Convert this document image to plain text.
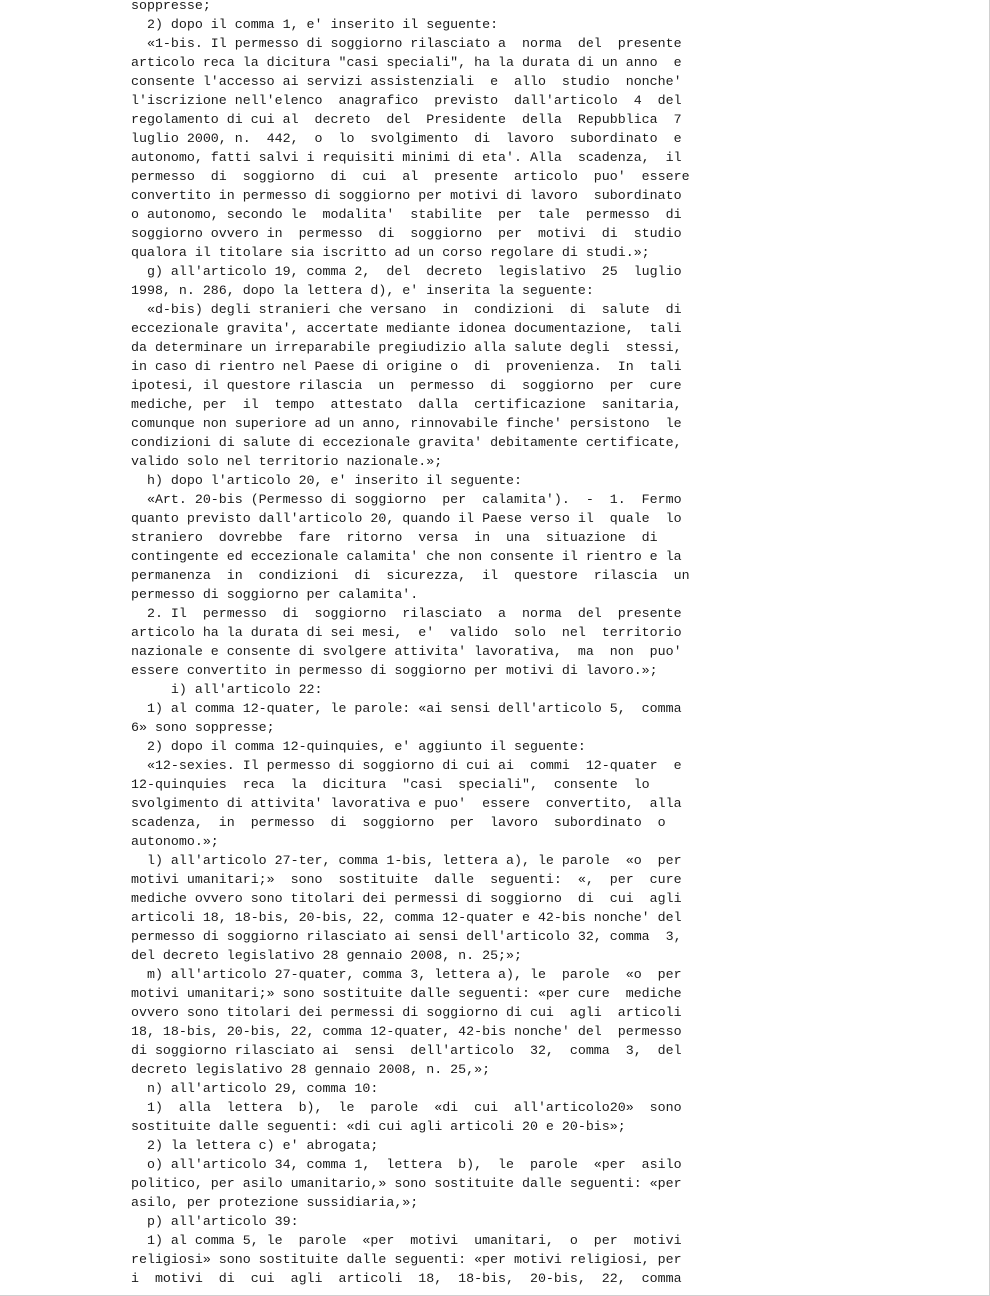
soppresse;
2) dopo il comma 1, e' inserito il seguente:
«1-bis. Il permesso di soggiorno rilasciato a  norma  del  presente
articolo reca la dicitura "casi speciali", ha la durata di un anno  e
consente l'accesso ai servizi assistenziali  e  allo  studio  nonche'
l'iscrizione nell'elenco  anagrafico  previsto  dall'articolo  4  del
regolamento di cui al  decreto  del  Presidente  della  Repubblica  7
luglio 2000, n.  442,  o  lo  svolgimento  di  lavoro  subordinato  e
autonomo, fatti salvi i requisiti minimi di eta'. Alla  scadenza,  il
permesso  di  soggiorno  di  cui  al  presente  articolo  puo'  essere
convertito in permesso di soggiorno per motivi di lavoro  subordinato
o autonomo, secondo le  modalita'  stabilite  per  tale  permesso  di
soggiorno ovvero in  permesso  di  soggiorno  per  motivi  di  studio
qualora il titolare sia iscritto ad un corso regolare di studi.»;
g) all'articolo 19, comma 2,  del  decreto  legislativo  25  luglio
1998, n. 286, dopo la lettera d), e' inserita la seguente:
«d-bis) degli stranieri che versano  in  condizioni  di  salute  di
eccezionale gravita', accertate mediante idonea documentazione,  tali
da determinare un irreparabile pregiudizio alla salute degli  stessi,
in caso di rientro nel Paese di origine o  di  provenienza.  In  tali
ipotesi, il questore rilascia  un  permesso  di  soggiorno  per  cure
mediche, per  il  tempo  attestato  dalla  certificazione  sanitaria,
comunque non superiore ad un anno, rinnovabile finche' persistono  le
condizioni di salute di eccezionale gravita' debitamente certificate,
valido solo nel territorio nazionale.»;
h) dopo l'articolo 20, e' inserito il seguente:
«Art. 20-bis (Permesso di soggiorno  per  calamita').  -  1.  Fermo
quanto previsto dall'articolo 20, quando il Paese verso il  quale  lo
straniero  dovrebbe  fare  ritorno  versa  in  una  situazione  di
contingente ed eccezionale calamita' che non consente il rientro e la
permanenza  in  condizioni  di  sicurezza,  il  questore  rilascia  un
permesso di soggiorno per calamita'.
2. Il  permesso  di  soggiorno  rilasciato  a  norma  del  presente
articolo ha la durata di sei mesi,  e'  valido  solo  nel  territorio
nazionale e consente di svolgere attivita' lavorativa,  ma  non  puo'
essere convertito in permesso di soggiorno per motivi di lavoro.»;
i) all'articolo 22:
1) al comma 12-quater, le parole: «ai sensi dell'articolo 5,  comma
6» sono soppresse;
2) dopo il comma 12-quinquies, e' aggiunto il seguente:
«12-sexies. Il permesso di soggiorno di cui ai  commi  12-quater  e
12-quinquies  reca  la  dicitura  "casi  speciali",  consente  lo
svolgimento di attivita' lavorativa e puo'  essere  convertito,  alla
scadenza,  in  permesso  di  soggiorno  per  lavoro  subordinato  o
autonomo.»;
l) all'articolo 27-ter, comma 1-bis, lettera a), le parole  «o  per
motivi umanitari;»  sono  sostituite  dalle  seguenti:  «,  per  cure
mediche ovvero sono titolari dei permessi di soggiorno  di  cui  agli
articoli 18, 18-bis, 20-bis, 22, comma 12-quater e 42-bis nonche' del
permesso di soggiorno rilasciato ai sensi dell'articolo 32, comma  3,
del decreto legislativo 28 gennaio 2008, n. 25;»;
m) all'articolo 27-quater, comma 3, lettera a), le  parole  «o  per
motivi umanitari;» sono sostituite dalle seguenti: «per cure  mediche
ovvero sono titolari dei permessi di soggiorno di cui  agli  articoli
18, 18-bis, 20-bis, 22, comma 12-quater, 42-bis nonche' del  permesso
di soggiorno rilasciato ai  sensi  dell'articolo  32,  comma  3,  del
decreto legislativo 28 gennaio 2008, n. 25,»;
n) all'articolo 29, comma 10:
1)  alla  lettera  b),  le  parole  «di  cui  all'articolo20»  sono
sostituite dalle seguenti: «di cui agli articoli 20 e 20-bis»;
2) la lettera c) e' abrogata;
o) all'articolo 34, comma 1,  lettera  b),  le  parole  «per  asilo
politico, per asilo umanitario,» sono sostituite dalle seguenti: «per
asilo, per protezione sussidiaria,»;
p) all'articolo 39:
1) al comma 5, le  parole  «per  motivi  umanitari,  o  per  motivi
religiosi» sono sostituite dalle seguenti: «per motivi religiosi, per
i  motivi  di  cui  agli  articoli  18,  18-bis,  20-bis,  22,  comma
